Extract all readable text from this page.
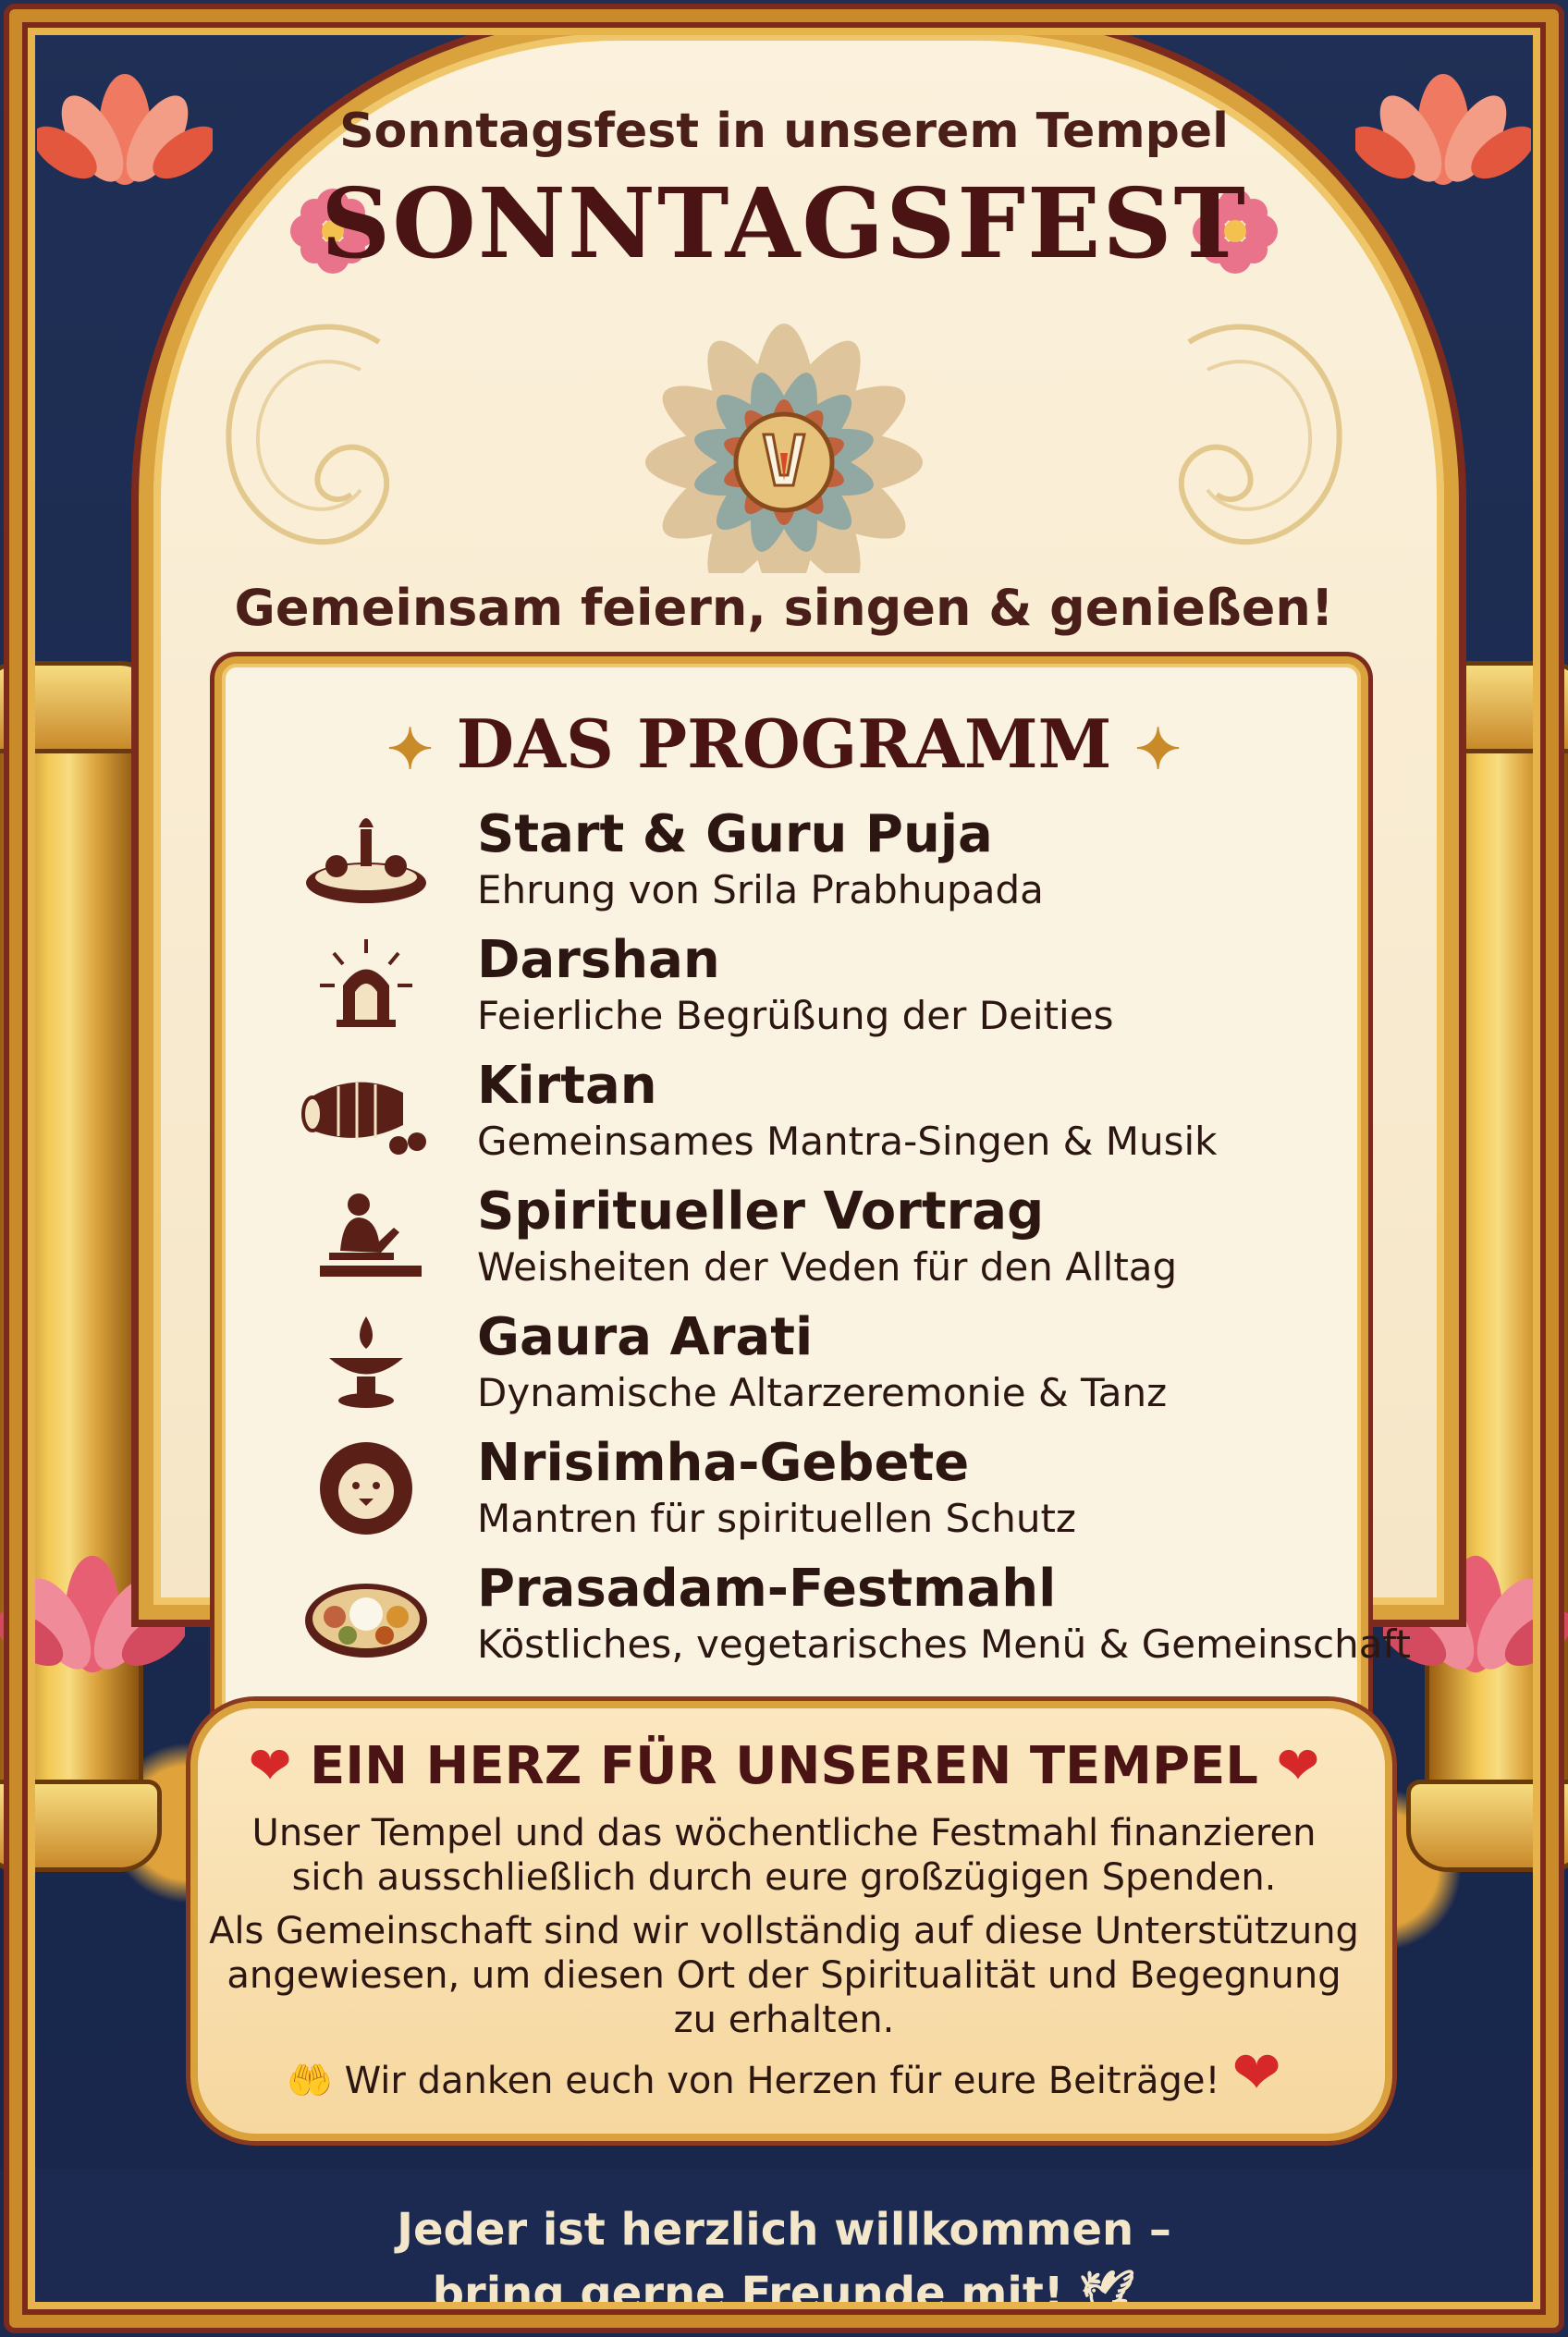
Sonntagsfest in unserem Tempel
SONNTAGSFEST
Gemeinsam feiern, singen & genießen!
✦ DAS PROGRAMM ✦
Start & Guru Puja
Ehrung von Srila Prabhupada
Darshan
Feierliche Begrüßung der Deities
Kirtan
Gemeinsames Mantra-Singen & Musik
Spiritueller Vortrag
Weisheiten der Veden für den Alltag
Gaura Arati
Dynamische Altarzeremonie & Tanz
Nrisimha-Gebete
Mantren für spirituellen Schutz
Prasadam-Festmahl
Köstliches, vegetarisches Menü & Gemeinschaft
❤ EIN HERZ FÜR UNSEREN TEMPEL ❤
Unser Tempel und das wöchentliche Festmahl finanzieren
sich ausschließlich durch eure großzügigen Spenden.
Als Gemeinschaft sind wir vollständig auf diese Unterstützung
angewiesen, um diesen Ort der Spiritualität und Begegnung
zu erhalten.
🤲 Wir danken euch von Herzen für eure Beiträge! ❤
Jeder ist herzlich willkommen –
bring gerne Freunde mit! 🕊
